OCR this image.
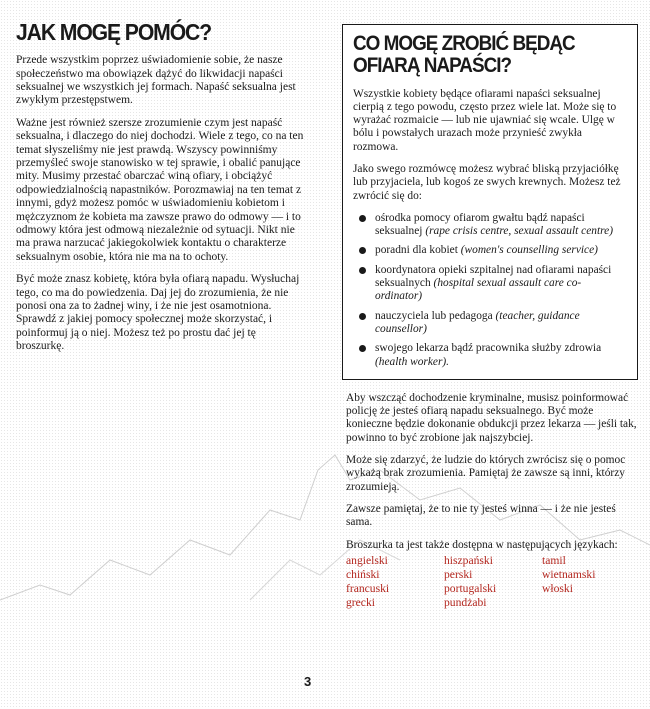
JAK MOGĘ POMÓC?

Przede wszystkim poprzez uświadomienie sobie, że nasze społeczeństwo ma obowiązek dążyć do likwidacji napaści seksualnej we wszystkich jej formach. Napaść seksualna jest zwykłym przestępstwem.

Ważne jest również szersze zrozumienie czym jest napaść seksualna, i dlaczego do niej dochodzi. Wiele z tego, co na ten temat słyszeliśmy nie jest prawdą. Wszyscy powinniśmy przemyśleć swoje stanowisko w tej sprawie, i obalić panujące mity. Musimy przestać obarczać winą ofiary, i obciążyć odpowiedzialnością napastników. Porozmawiaj na ten temat z innymi, gdyż możesz pomóc w uświadomieniu kobietom i mężczyznom że kobieta ma zawsze prawo do odmowy — i to odmowy która jest odmową niezależnie od sytuacji. Nikt nie ma prawa narzucać jakiegokolwiek kontaktu o charakterze seksualnym osobie, która nie ma na to ochoty.

Być może znasz kobietę, która była ofiarą napadu. Wysłuchaj tego, co ma do powiedzenia. Daj jej do zrozumienia, że nie ponosi ona za to żadnej winy, i że nie jest osamotniona. Sprawdź z jakiej pomocy społecznej może skorzystać, i poinformuj ją o niej. Możesz też po prostu dać jej tę broszurkę.

CO MOGĘ ZROBIĆ BĘDĄC OFIARĄ NAPAŚCI?

Wszystkie kobiety będące ofiarami napaści seksualnej cierpią z tego powodu, często przez wiele lat. Może się to wyrażać rozmaicie — lub nie ujawniać się wcale. Ulgę w bólu i powstałych urazach może przynieść zwykła rozmowa.

Jako swego rozmówcę możesz wybrać bliską przyjaciółkę lub przyjaciela, lub kogoś ze swych krewnych. Możesz też zwrócić się do:

ośrodka pomocy ofiarom gwałtu bądź napaści seksualnej (rape crisis centre, sexual assault centre)
poradni dla kobiet (women's counselling service)
koordynatora opieki szpitalnej nad ofiarami napaści seksualnych (hospital sexual assault care co-ordinator)
nauczyciela lub pedagoga (teacher, guidance counsellor)
swojego lekarza bądź pracownika służby zdrowia (health worker).

Aby wszcząć dochodzenie kryminalne, musisz poinformować policję że jesteś ofiarą napadu seksualnego. Być może konieczne będzie dokonanie obdukcji przez lekarza — jeśli tak, powinno to być zrobione jak najszybciej.

Może się zdarzyć, że ludzie do których zwrócisz się o pomoc wykażą brak zrozumienia. Pamiętaj że zawsze są inni, którzy zrozumieją.

Zawsze pamiętaj, że to nie ty jesteś winna — i że nie jesteś sama.

Broszurka ta jest także dostępna w następujących językach:

angielski	hiszpański	tamil
chiński	perski	wietnamski
francuski	portugalski	włoski
grecki	pundżabi
3
